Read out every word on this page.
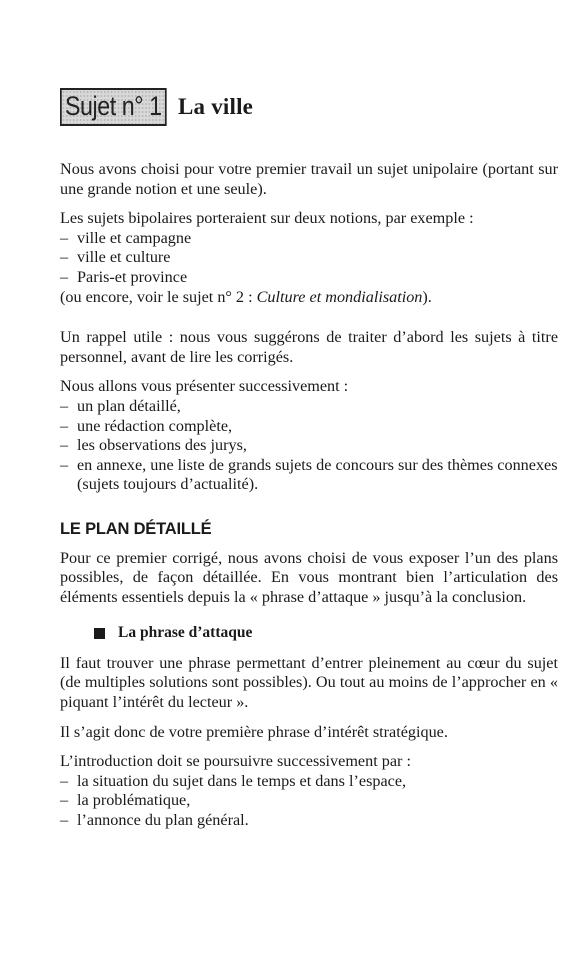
Sujet n° 1 La ville

Nous avons choisi pour votre premier travail un sujet unipolaire (portant sur une grande notion et une seule).

Les sujets bipolaires porteraient sur deux notions, par exemple :

– ville et campagne
– ville et culture
– Paris-et province

(ou encore, voir le sujet n° 2 : Culture et mondialisation).

Un rappel utile : nous vous suggérons de traiter d’abord les sujets à titre personnel, avant de lire les corrigés.

Nous allons vous présenter successivement :

– un plan détaillé,
– une rédaction complète,
– les observations des jurys,
– en annexe, une liste de grands sujets de concours sur des thèmes connexes (sujets toujours d’actualité).
LE PLAN DÉTAILLÉ

Pour ce premier corrigé, nous avons choisi de vous exposer l’un des plans possibles, de façon détaillée. En vous montrant bien l’articulation des éléments essentiels depuis la « phrase d’attaque » jusqu’à la conclusion.

La phrase d’attaque

Il faut trouver une phrase permettant d’entrer pleinement au cœur du sujet (de multiples solutions sont possibles). Ou tout au moins de l’approcher en « piquant l’intérêt du lecteur ».

Il s’agit donc de votre première phrase d’intérêt stratégique.

L’introduction doit se poursuivre successivement par :

– la situation du sujet dans le temps et dans l’espace,
– la problématique,
– l’annonce du plan général.
